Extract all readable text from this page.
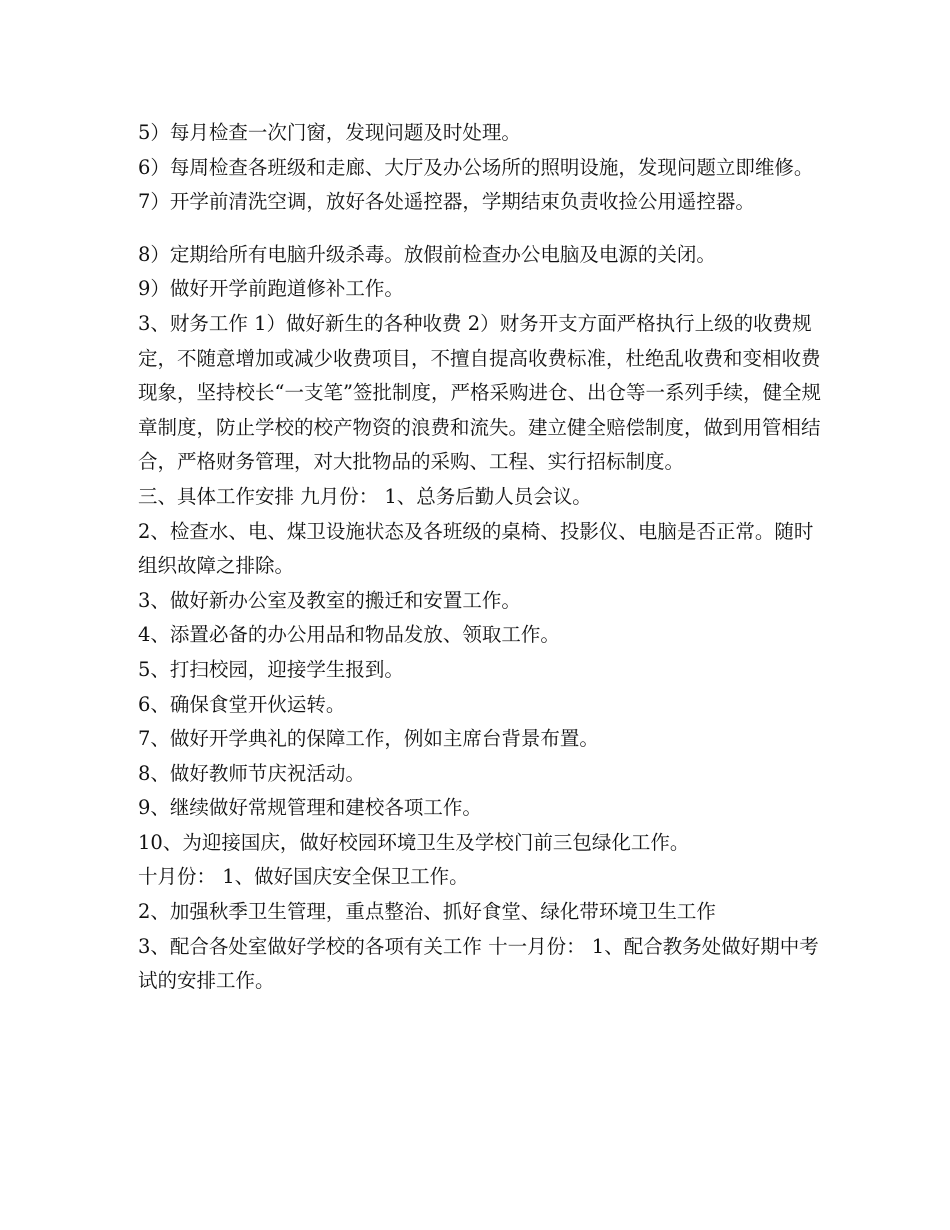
5）每月检查一次门窗，发现问题及时处理。

6）每周检查各班级和走廊、大厅及办公场所的照明设施，发现问题立即维修。

7）开学前清洗空调，放好各处遥控器，学期结束负责收捡公用遥控器。

8）定期给所有电脑升级杀毒。放假前检查办公电脑及电源的关闭。

9）做好开学前跑道修补工作。

3、财务工作 1）做好新生的各种收费 2）财务开支方面严格执行上级的收费规定，不随意增加或减少收费项目，不擅自提高收费标准，杜绝乱收费和变相收费现象，坚持校长“一支笔”签批制度，严格采购进仓、出仓等一系列手续，健全规章制度，防止学校的校产物资的浪费和流失。建立健全赔偿制度，做到用管相结合，严格财务管理，对大批物品的采购、工程、实行招标制度。

三、具体工作安排 九月份： 1、总务后勤人员会议。

2、检查水、电、煤卫设施状态及各班级的桌椅、投影仪、电脑是否正常。随时组织故障之排除。

3、做好新办公室及教室的搬迁和安置工作。

4、添置必备的办公用品和物品发放、领取工作。

5、打扫校园，迎接学生报到。

6、确保食堂开伙运转。

7、做好开学典礼的保障工作，例如主席台背景布置。

8、做好教师节庆祝活动。

9、继续做好常规管理和建校各项工作。

10、为迎接国庆，做好校园环境卫生及学校门前三包绿化工作。

十月份： 1、做好国庆安全保卫工作。

2、加强秋季卫生管理，重点整治、抓好食堂、绿化带环境卫生工作

3、配合各处室做好学校的各项有关工作 十一月份： 1、配合教务处做好期中考试的安排工作。
